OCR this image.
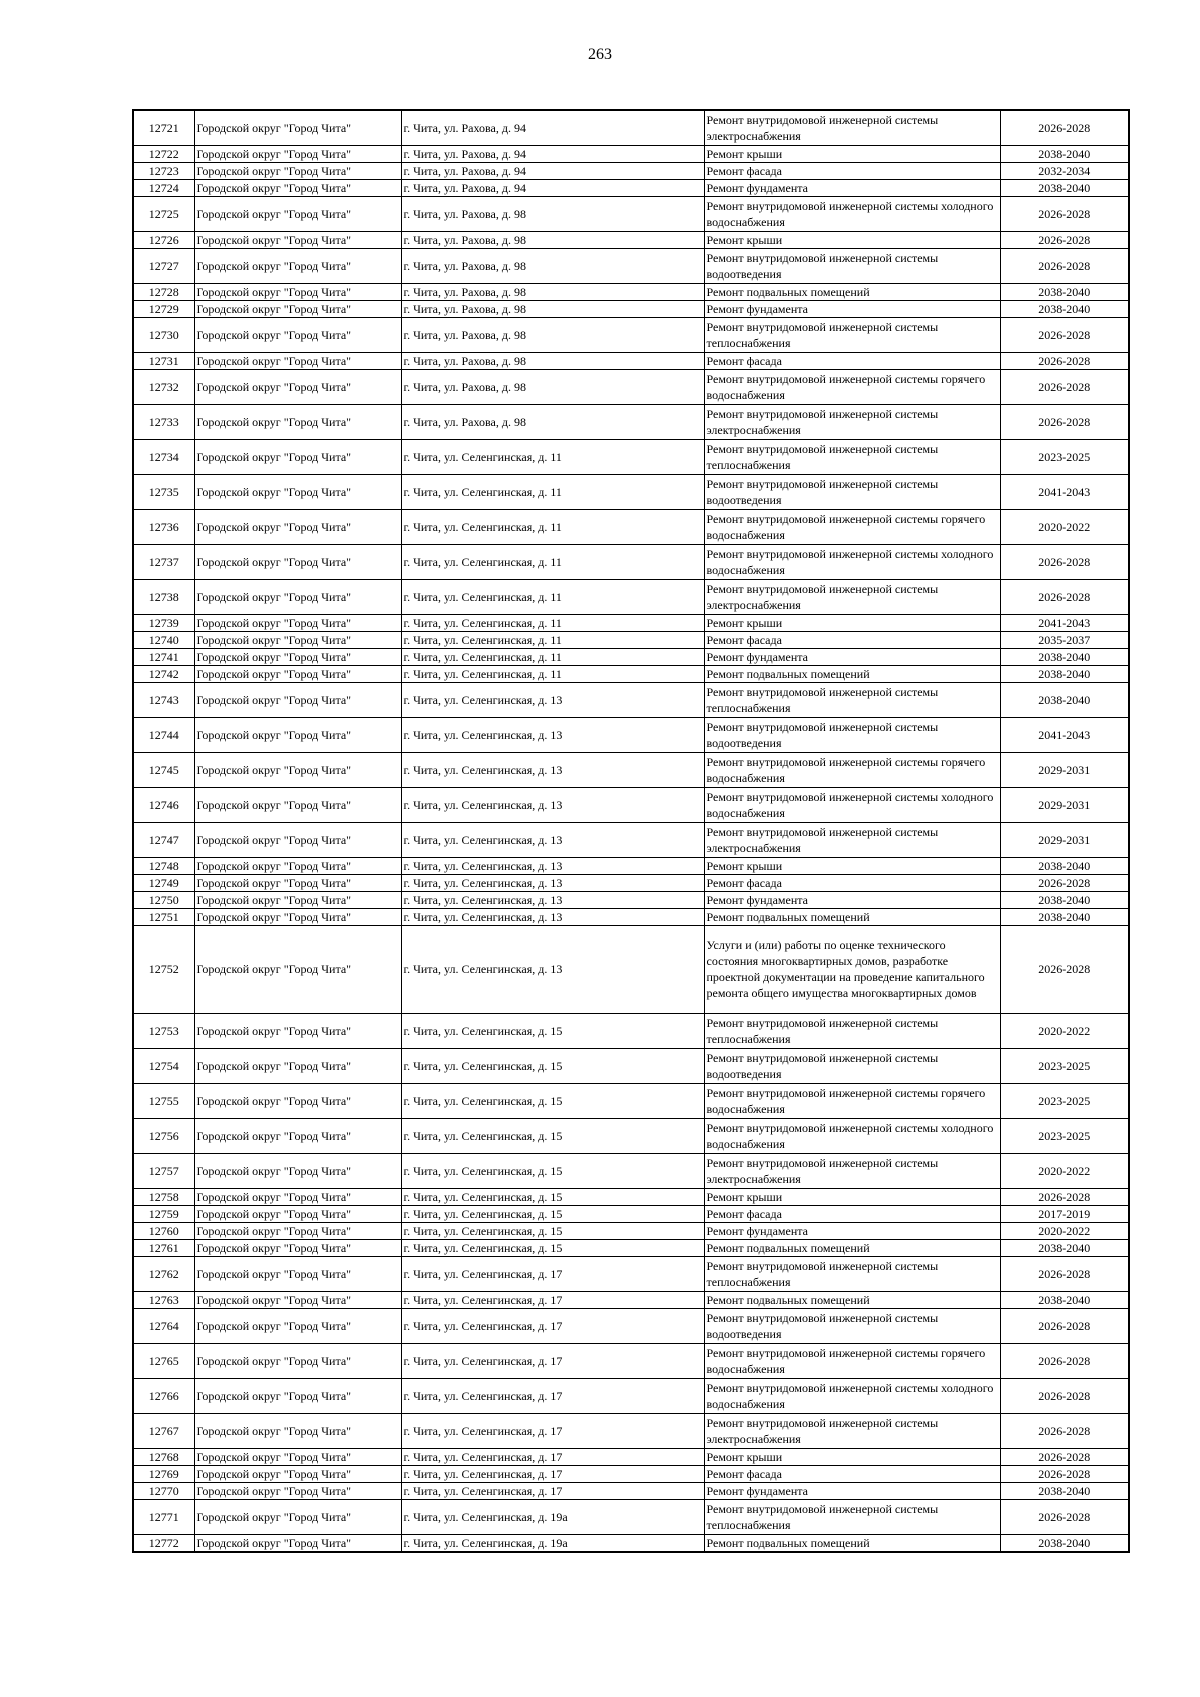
263
12721	Городской округ "Город Чита"	г. Чита, ул. Рахова, д. 94	Ремонт внутридомовой инженерной системы электроснабжения	2026-2028
12722	Городской округ "Город Чита"	г. Чита, ул. Рахова, д. 94	Ремонт крыши	2038-2040
12723	Городской округ "Город Чита"	г. Чита, ул. Рахова, д. 94	Ремонт фасада	2032-2034
12724	Городской округ "Город Чита"	г. Чита, ул. Рахова, д. 94	Ремонт фундамента	2038-2040
12725	Городской округ "Город Чита"	г. Чита, ул. Рахова, д. 98	Ремонт внутридомовой инженерной системы холодного водоснабжения	2026-2028
12726	Городской округ "Город Чита"	г. Чита, ул. Рахова, д. 98	Ремонт крыши	2026-2028
12727	Городской округ "Город Чита"	г. Чита, ул. Рахова, д. 98	Ремонт внутридомовой инженерной системы водоотведения	2026-2028
12728	Городской округ "Город Чита"	г. Чита, ул. Рахова, д. 98	Ремонт подвальных помещений	2038-2040
12729	Городской округ "Город Чита"	г. Чита, ул. Рахова, д. 98	Ремонт фундамента	2038-2040
12730	Городской округ "Город Чита"	г. Чита, ул. Рахова, д. 98	Ремонт внутридомовой инженерной системы теплоснабжения	2026-2028
12731	Городской округ "Город Чита"	г. Чита, ул. Рахова, д. 98	Ремонт фасада	2026-2028
12732	Городской округ "Город Чита"	г. Чита, ул. Рахова, д. 98	Ремонт внутридомовой инженерной системы горячего водоснабжения	2026-2028
12733	Городской округ "Город Чита"	г. Чита, ул. Рахова, д. 98	Ремонт внутридомовой инженерной системы электроснабжения	2026-2028
12734	Городской округ "Город Чита"	г. Чита, ул. Селенгинская, д. 11	Ремонт внутридомовой инженерной системы теплоснабжения	2023-2025
12735	Городской округ "Город Чита"	г. Чита, ул. Селенгинская, д. 11	Ремонт внутридомовой инженерной системы водоотведения	2041-2043
12736	Городской округ "Город Чита"	г. Чита, ул. Селенгинская, д. 11	Ремонт внутридомовой инженерной системы горячего водоснабжения	2020-2022
12737	Городской округ "Город Чита"	г. Чита, ул. Селенгинская, д. 11	Ремонт внутридомовой инженерной системы холодного водоснабжения	2026-2028
12738	Городской округ "Город Чита"	г. Чита, ул. Селенгинская, д. 11	Ремонт внутридомовой инженерной системы электроснабжения	2026-2028
12739	Городской округ "Город Чита"	г. Чита, ул. Селенгинская, д. 11	Ремонт крыши	2041-2043
12740	Городской округ "Город Чита"	г. Чита, ул. Селенгинская, д. 11	Ремонт фасада	2035-2037
12741	Городской округ "Город Чита"	г. Чита, ул. Селенгинская, д. 11	Ремонт фундамента	2038-2040
12742	Городской округ "Город Чита"	г. Чита, ул. Селенгинская, д. 11	Ремонт подвальных помещений	2038-2040
12743	Городской округ "Город Чита"	г. Чита, ул. Селенгинская, д. 13	Ремонт внутридомовой инженерной системы теплоснабжения	2038-2040
12744	Городской округ "Город Чита"	г. Чита, ул. Селенгинская, д. 13	Ремонт внутридомовой инженерной системы водоотведения	2041-2043
12745	Городской округ "Город Чита"	г. Чита, ул. Селенгинская, д. 13	Ремонт внутридомовой инженерной системы горячего водоснабжения	2029-2031
12746	Городской округ "Город Чита"	г. Чита, ул. Селенгинская, д. 13	Ремонт внутридомовой инженерной системы холодного водоснабжения	2029-2031
12747	Городской округ "Город Чита"	г. Чита, ул. Селенгинская, д. 13	Ремонт внутридомовой инженерной системы электроснабжения	2029-2031
12748	Городской округ "Город Чита"	г. Чита, ул. Селенгинская, д. 13	Ремонт крыши	2038-2040
12749	Городской округ "Город Чита"	г. Чита, ул. Селенгинская, д. 13	Ремонт фасада	2026-2028
12750	Городской округ "Город Чита"	г. Чита, ул. Селенгинская, д. 13	Ремонт фундамента	2038-2040
12751	Городской округ "Город Чита"	г. Чита, ул. Селенгинская, д. 13	Ремонт подвальных помещений	2038-2040
12752	Городской округ "Город Чита"	г. Чита, ул. Селенгинская, д. 13	Услуги и (или) работы по оценке технического состояния многоквартирных домов, разработке проектной документации на проведение капитального ремонта общего имущества многоквартирных домов	2026-2028
12753	Городской округ "Город Чита"	г. Чита, ул. Селенгинская, д. 15	Ремонт внутридомовой инженерной системы теплоснабжения	2020-2022
12754	Городской округ "Город Чита"	г. Чита, ул. Селенгинская, д. 15	Ремонт внутридомовой инженерной системы водоотведения	2023-2025
12755	Городской округ "Город Чита"	г. Чита, ул. Селенгинская, д. 15	Ремонт внутридомовой инженерной системы горячего водоснабжения	2023-2025
12756	Городской округ "Город Чита"	г. Чита, ул. Селенгинская, д. 15	Ремонт внутридомовой инженерной системы холодного водоснабжения	2023-2025
12757	Городской округ "Город Чита"	г. Чита, ул. Селенгинская, д. 15	Ремонт внутридомовой инженерной системы электроснабжения	2020-2022
12758	Городской округ "Город Чита"	г. Чита, ул. Селенгинская, д. 15	Ремонт крыши	2026-2028
12759	Городской округ "Город Чита"	г. Чита, ул. Селенгинская, д. 15	Ремонт фасада	2017-2019
12760	Городской округ "Город Чита"	г. Чита, ул. Селенгинская, д. 15	Ремонт фундамента	2020-2022
12761	Городской округ "Город Чита"	г. Чита, ул. Селенгинская, д. 15	Ремонт подвальных помещений	2038-2040
12762	Городской округ "Город Чита"	г. Чита, ул. Селенгинская, д. 17	Ремонт внутридомовой инженерной системы теплоснабжения	2026-2028
12763	Городской округ "Город Чита"	г. Чита, ул. Селенгинская, д. 17	Ремонт подвальных помещений	2038-2040
12764	Городской округ "Город Чита"	г. Чита, ул. Селенгинская, д. 17	Ремонт внутридомовой инженерной системы водоотведения	2026-2028
12765	Городской округ "Город Чита"	г. Чита, ул. Селенгинская, д. 17	Ремонт внутридомовой инженерной системы горячего водоснабжения	2026-2028
12766	Городской округ "Город Чита"	г. Чита, ул. Селенгинская, д. 17	Ремонт внутридомовой инженерной системы холодного водоснабжения	2026-2028
12767	Городской округ "Город Чита"	г. Чита, ул. Селенгинская, д. 17	Ремонт внутридомовой инженерной системы электроснабжения	2026-2028
12768	Городской округ "Город Чита"	г. Чита, ул. Селенгинская, д. 17	Ремонт крыши	2026-2028
12769	Городской округ "Город Чита"	г. Чита, ул. Селенгинская, д. 17	Ремонт фасада	2026-2028
12770	Городской округ "Город Чита"	г. Чита, ул. Селенгинская, д. 17	Ремонт фундамента	2038-2040
12771	Городской округ "Город Чита"	г. Чита, ул. Селенгинская, д. 19а	Ремонт внутридомовой инженерной системы теплоснабжения	2026-2028
12772	Городской округ "Город Чита"	г. Чита, ул. Селенгинская, д. 19а	Ремонт подвальных помещений	2038-2040
